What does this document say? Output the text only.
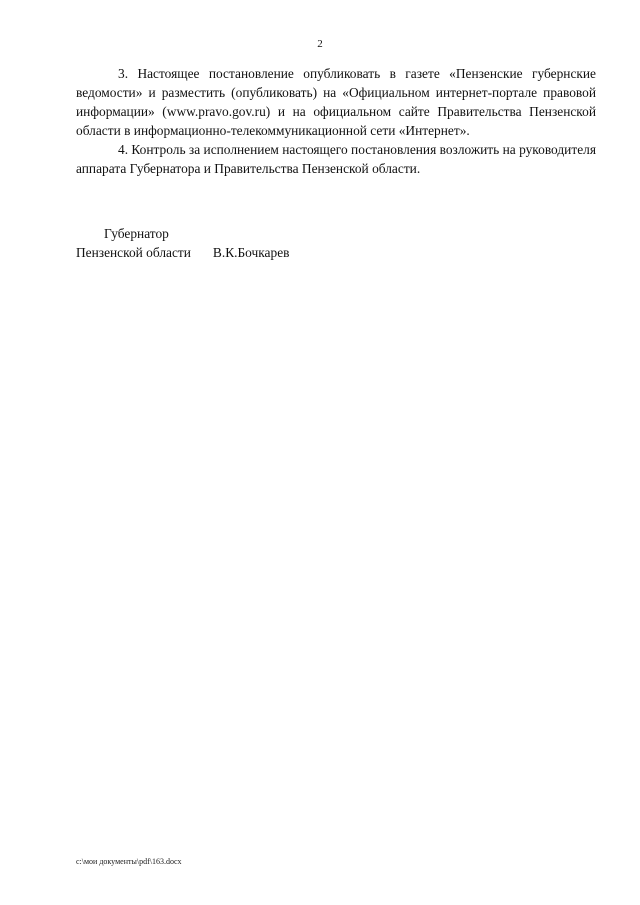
2

3. Настоящее постановление опубликовать в газете «Пензенские губернские ведомости» и разместить (опубликовать) на «Официальном интернет-портале правовой информации» (www.pravo.gov.ru) и на официальном сайте Правительства Пензенской области в информационно-телекоммуникационной сети «Интернет».

4. Контроль за исполнением настоящего постановления возложить на руководителя аппарата Губернатора и Правительства Пензенской области.

Губернатор

Пензенской области В.К.Бочкарев

c:\мои документы\pdf\163.docx
